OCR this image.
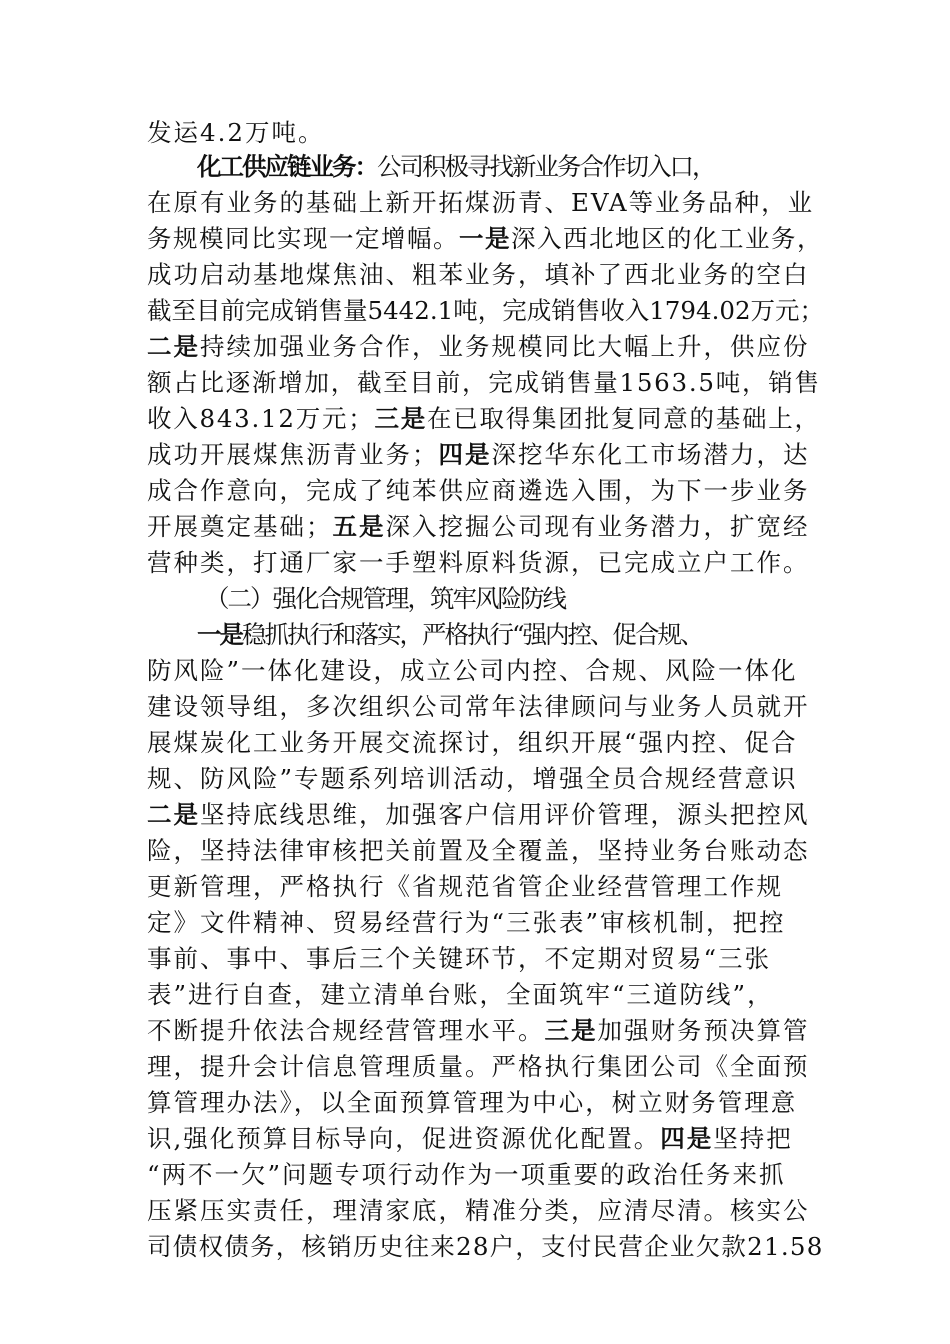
发运4.2万吨。
化工供应链业务：公司积极寻找新业务合作切入口，
在原有业务的基础上新开拓煤沥青、EVA等业务品种，业
务规模同比实现一定增幅。一是深入西北地区的化工业务，
成功启动基地煤焦油、粗苯业务，填补了西北业务的空白
截至目前完成销售量5442.1吨，完成销售收入1794.02万元；
二是持续加强业务合作，业务规模同比大幅上升，供应份
额占比逐渐增加，截至目前，完成销售量1563.5吨，销售
收入843.12万元；三是在已取得集团批复同意的基础上，
成功开展煤焦沥青业务；四是深挖华东化工市场潜力，达
成合作意向，完成了纯苯供应商遴选入围，为下一步业务
开展奠定基础；五是深入挖掘公司现有业务潜力，扩宽经
营种类，打通厂家一手塑料原料货源，已完成立户工作。
（二）强化合规管理，筑牢风险防线
一是稳抓执行和落实，严格执行“强内控、促合规、
防风险”一体化建设，成立公司内控、合规、风险一体化
建设领导组，多次组织公司常年法律顾问与业务人员就开
展煤炭化工业务开展交流探讨，组织开展“强内控、促合
规、防风险”专题系列培训活动，增强全员合规经营意识
二是坚持底线思维，加强客户信用评价管理，源头把控风
险，坚持法律审核把关前置及全覆盖，坚持业务台账动态
更新管理，严格执行《省规范省管企业经营管理工作规
定》文件精神、贸易经营行为“三张表”审核机制，把控
事前、事中、事后三个关键环节，不定期对贸易“三张
表”进行自查，建立清单台账，全面筑牢“三道防线”，
不断提升依法合规经营管理水平。三是加强财务预决算管
理，提升会计信息管理质量。严格执行集团公司《全面预
算管理办法》，以全面预算管理为中心，树立财务管理意
识,强化预算目标导向，促进资源优化配置。四是坚持把
“两不一欠”问题专项行动作为一项重要的政治任务来抓
压紧压实责任，理清家底，精准分类，应清尽清。核实公
司债权债务，核销历史往来28户，支付民营企业欠款21.58
